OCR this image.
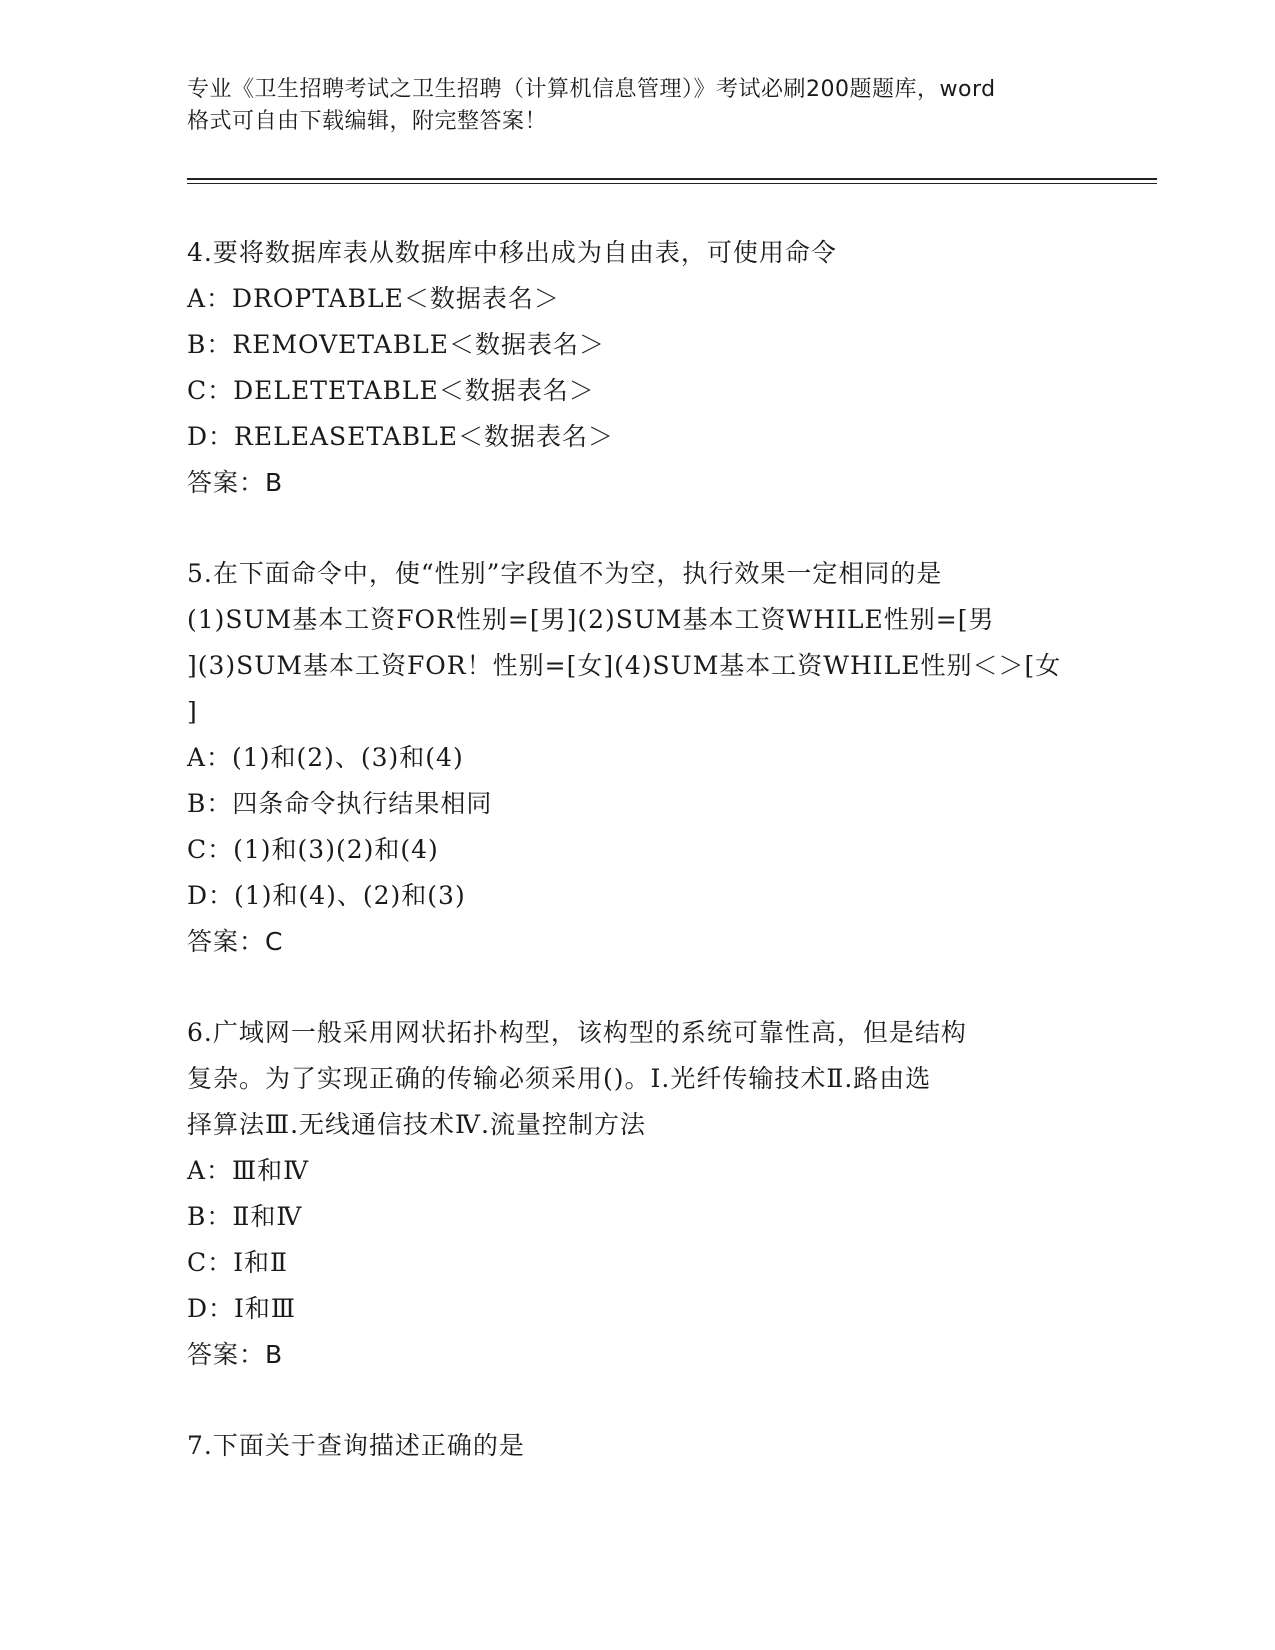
专业《卫生招聘考试之卫生招聘（计算机信息管理）》考试必刷200题题库，word
格式可自由下载编辑，附完整答案！
4.要将数据库表从数据库中移出成为自由表，可使用命令
A：DROPTABLE＜数据表名＞
B：REMOVETABLE＜数据表名＞
C：DELETETABLE＜数据表名＞
D：RELEASETABLE＜数据表名＞
答案：B
5.在下面命令中，使“性别”字段值不为空，执行效果一定相同的是
(1)SUM基本工资FOR性别=[男](2)SUM基本工资WHILE性别=[男
](3)SUM基本工资FOR！性别=[女](4)SUM基本工资WHILE性别＜＞[女
]
A：(1)和(2)、(3)和(4)
B：四条命令执行结果相同
C：(1)和(3)(2)和(4)
D：(1)和(4)、(2)和(3)
答案：C
6.广域网一般采用网状拓扑构型，该构型的系统可靠性高，但是结构
复杂。为了实现正确的传输必须采用()。Ⅰ.光纤传输技术Ⅱ.路由选
择算法Ⅲ.无线通信技术Ⅳ.流量控制方法
A：Ⅲ和Ⅳ
B：Ⅱ和Ⅳ
C：Ⅰ和Ⅱ
D：Ⅰ和Ⅲ
答案：B
7.下面关于查询描述正确的是
